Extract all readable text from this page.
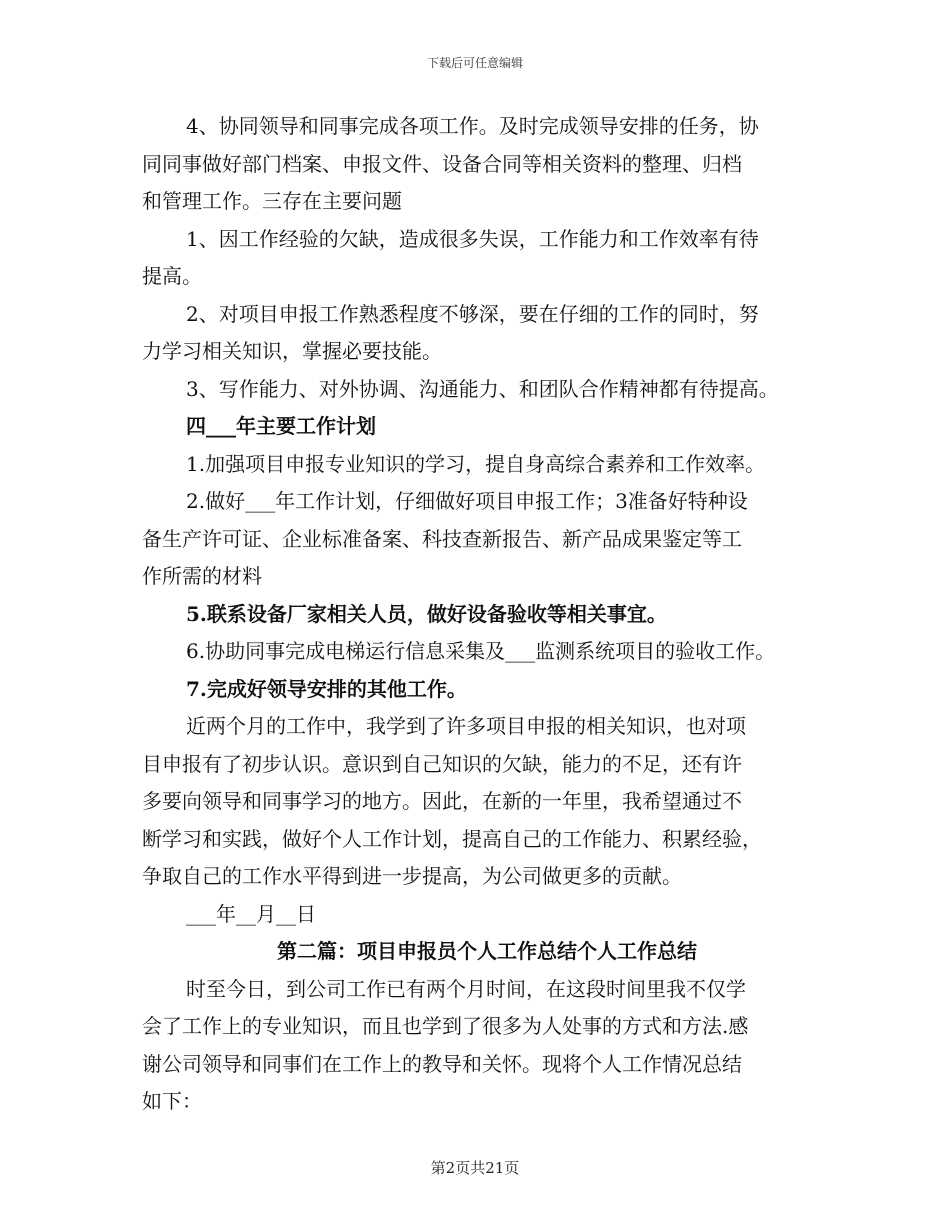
下载后可任意编辑
4、协同领导和同事完成各项工作。及时完成领导安排的任务，协
同同事做好部门档案、申报文件、设备合同等相关资料的整理、归档
和管理工作。三存在主要问题
1、因工作经验的欠缺，造成很多失误，工作能力和工作效率有待
提高。
2、对项目申报工作熟悉程度不够深，要在仔细的工作的同时，努
力学习相关知识，掌握必要技能。
3、写作能力、对外协调、沟通能力、和团队合作精神都有待提高。
四___年主要工作计划
1.加强项目申报专业知识的学习，提自身高综合素养和工作效率。
2.做好___年工作计划，仔细做好项目申报工作；3准备好特种设
备生产许可证、企业标准备案、科技查新报告、新产品成果鉴定等工
作所需的材料
5.联系设备厂家相关人员，做好设备验收等相关事宜。
6.协助同事完成电梯运行信息采集及___监测系统项目的验收工作。
7.完成好领导安排的其他工作。
近两个月的工作中，我学到了许多项目申报的相关知识，也对项
目申报有了初步认识。意识到自己知识的欠缺，能力的不足，还有许
多要向领导和同事学习的地方。因此，在新的一年里，我希望通过不
断学习和实践，做好个人工作计划，提高自己的工作能力、积累经验，
争取自己的工作水平得到进一步提高，为公司做更多的贡献。
___年__月__日
第二篇：项目申报员个人工作总结个人工作总结
时至今日，到公司工作已有两个月时间，在这段时间里我不仅学
会了工作上的专业知识，而且也学到了很多为人处事的方式和方法.感
谢公司领导和同事们在工作上的教导和关怀。现将个人工作情况总结
如下：
第2页共21页
